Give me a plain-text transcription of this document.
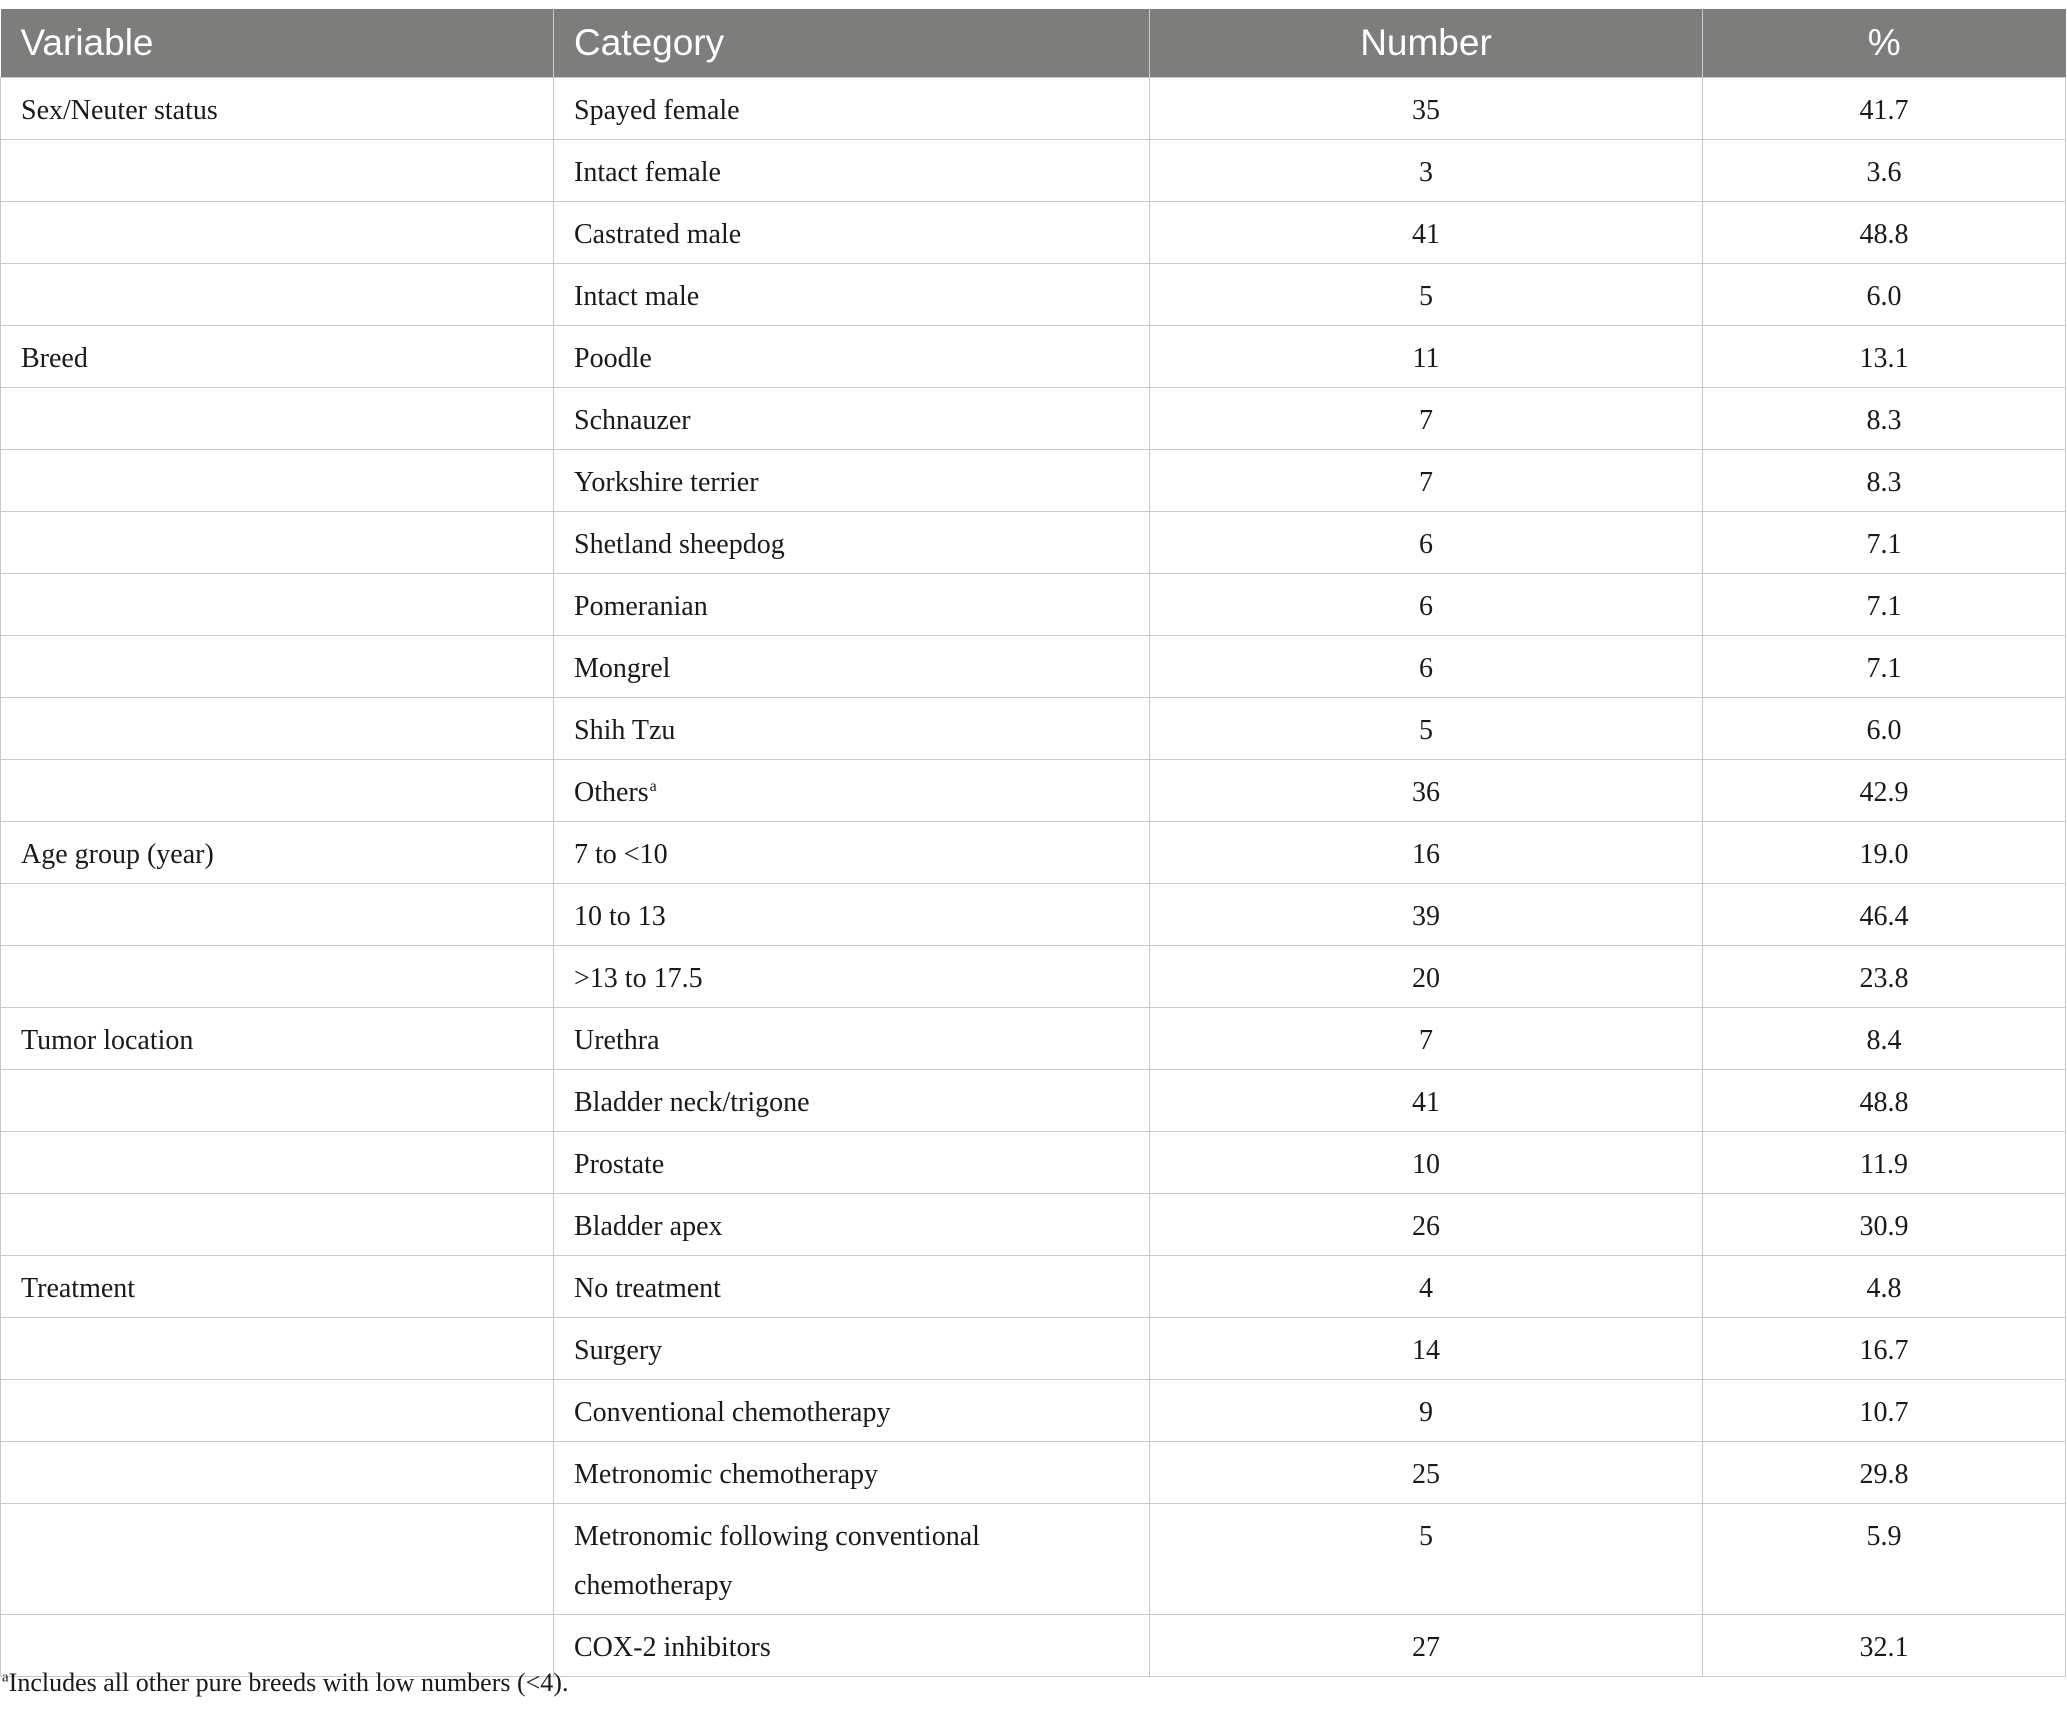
Variable	Category	Number	%
Sex/Neuter status	Spayed female	35	41.7
	Intact female	3	3.6
	Castrated male	41	48.8
	Intact male	5	6.0
Breed	Poodle	11	13.1
	Schnauzer	7	8.3
	Yorkshire terrier	7	8.3
	Shetland sheepdog	6	7.1
	Pomeranian	6	7.1
	Mongrel	6	7.1
	Shih Tzu	5	6.0
	Others$^a$	36	42.9
Age group (year)	7 to <10	16	19.0
	10 to 13	39	46.4
	>13 to 17.5	20	23.8
Tumor location	Urethra	7	8.4
	Bladder neck/trigone	41	48.8
	Prostate	10	11.9
	Bladder apex	26	30.9
Treatment	No treatment	4	4.8
	Surgery	14	16.7
	Conventional chemotherapy	9	10.7
	Metronomic chemotherapy	25	29.8
	Metronomic following conventional chemotherapy	5	5.9
	COX-2 inhibitors	27	32.1
$^a$Includes all other pure breeds with low numbers (<4).
